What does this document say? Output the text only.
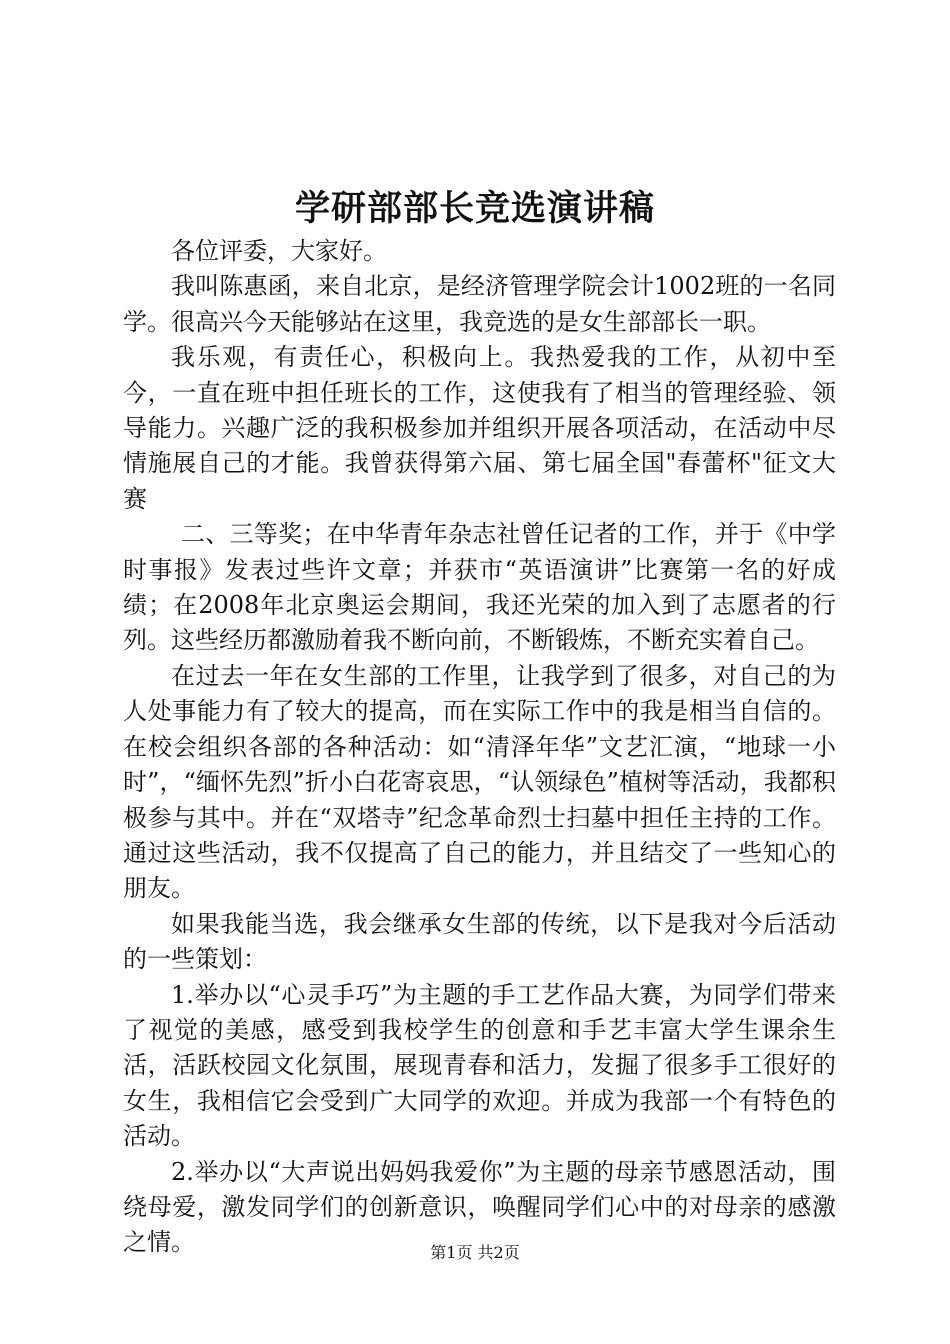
学研部部长竞选演讲稿

各位评委，大家好。

我叫陈惠函，来自北京，是经济管理学院会计1002班的一名同学。很高兴今天能够站在这里，我竞选的是女生部部长一职。

我乐观，有责任心，积极向上。我热爱我的工作，从初中至今，一直在班中担任班长的工作，这使我有了相当的管理经验、领导能力。兴趣广泛的我积极参加并组织开展各项活动，在活动中尽情施展自己的才能。我曾获得第六届、第七届全国"春蕾杯"征文大赛

二、三等奖；在中华青年杂志社曾任记者的工作，并于《中学时事报》发表过些许文章；并获市“英语演讲”比赛第一名的好成绩；在2008年北京奥运会期间，我还光荣的加入到了志愿者的行列。这些经历都激励着我不断向前，不断锻炼，不断充实着自己。

在过去一年在女生部的工作里，让我学到了很多，对自己的为人处事能力有了较大的提高，而在实际工作中的我是相当自信的。在校会组织各部的各种活动：如“清泽年华”文艺汇演，“地球一小时”，“缅怀先烈”折小白花寄哀思，“认领绿色”植树等活动，我都积极参与其中。并在“双塔寺”纪念革命烈士扫墓中担任主持的工作。通过这些活动，我不仅提高了自己的能力，并且结交了一些知心的朋友。

如果我能当选，我会继承女生部的传统，以下是我对今后活动的一些策划：

1.举办以“心灵手巧”为主题的手工艺作品大赛，为同学们带来了视觉的美感，感受到我校学生的创意和手艺丰富大学生课余生活，活跃校园文化氛围，展现青春和活力，发掘了很多手工很好的女生，我相信它会受到广大同学的欢迎。并成为我部一个有特色的活动。

2.举办以“大声说出妈妈我爱你”为主题的母亲节感恩活动，围绕母爱，激发同学们的创新意识，唤醒同学们心中的对母亲的感激之情。	第1页 共2页
